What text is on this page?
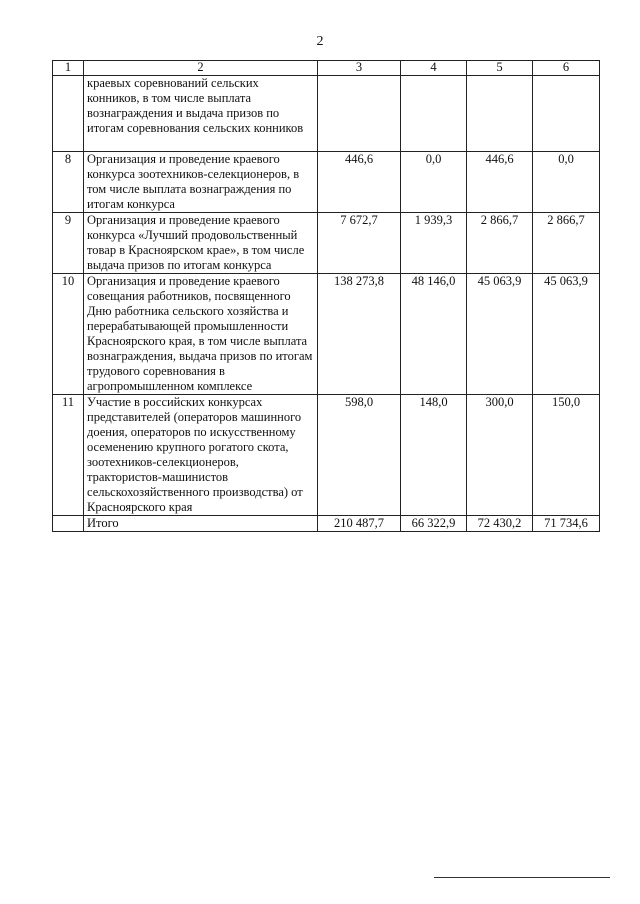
2
1	2	3	4	5	6
	краевых соревнований сельских конников, в том числе выплата вознаграждения и выдача призов по итогам соревнования сельских конников				
8	Организация и проведение краевого конкурса зоотехников-селекционеров, в том числе выплата вознаграждения по итогам конкурса	446,6	0,0	446,6	0,0
9	Организация и проведение краевого конкурса «Лучший продовольственный товар в Красноярском крае», в том числе выдача призов по итогам конкурса	7 672,7	1 939,3	2 866,7	2 866,7
10	Организация и проведение краевого совещания работников, посвященного Дню работника сельского хозяйства и перерабатывающей промышленности Красноярского края, в том числе выплата вознаграждения, выдача призов по итогам трудового соревнования в агропромышленном комплексе	138 273,8	48 146,0	45 063,9	45 063,9
11	Участие в российских конкурсах представителей (операторов машинного доения, операторов по искусственному осеменению крупного рогатого скота, зоотехников-селекционеров, трактористов-машинистов сельскохозяйственного производства) от Красноярского края	598,0	148,0	300,0	150,0
	Итого	210 487,7	66 322,9	72 430,2	71 734,6
